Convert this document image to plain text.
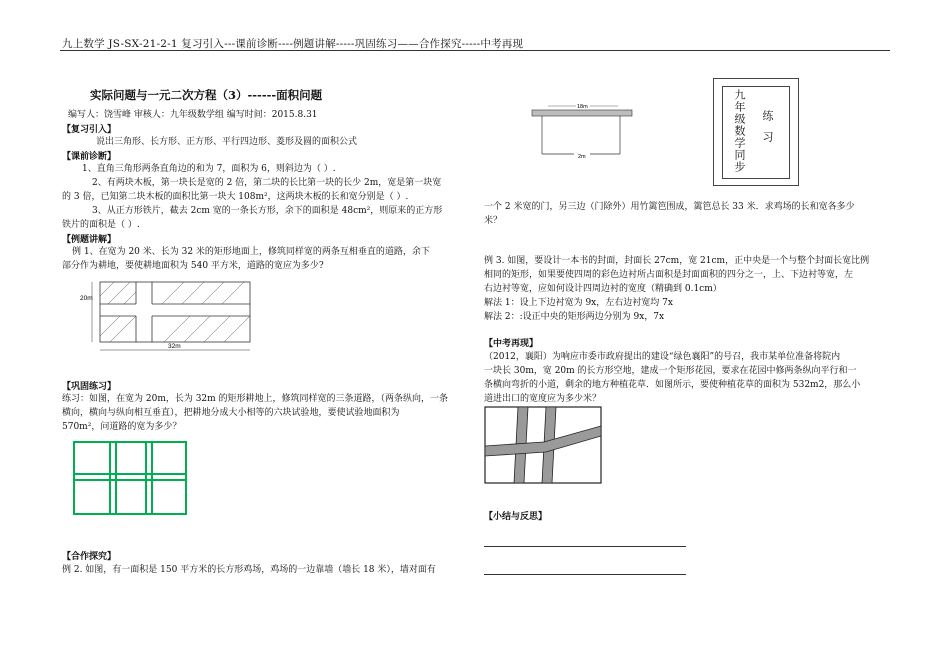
九上数学 JS-SX-21-2-1 复习引入---课前诊断----例题讲解-----巩固练习——合作探究-----中考再现
实际问题与一元二次方程（3）------面积问题
编写人：饶雪峰 审核人：九年级数学组 编写时间：2015.8.31
【复习引入】
说出三角形、长方形、正方形、平行四边形、菱形及圆的面积公式
【课前诊断】
1、直角三角形两条直角边的和为 7，面积为 6，则斜边为（ ）.
2、有两块木板，第一块长是宽的 2 倍，第二块的长比第一块的长少 2m，宽是第一块宽
的 3 倍，已知第二块木板的面积比第一块大 108m²，这两块木板的长和宽分别是（ ）.
3、从正方形铁片，截去 2cm 宽的一条长方形，余下的面积是 48cm²，则原来的正方形
铁片的面积是（ ）.
【例题讲解】
例 1、在宽为 20 米、长为 32 米的矩形地面上，修筑同样宽的两条互相垂直的道路，余下
部分作为耕地，要使耕地面积为 540 平方米，道路的宽应为多少?
20m
32m
【巩固练习】
练习：如图，在宽为 20m，长为 32m 的矩形耕地上，修筑同样宽的三条道路，（两条纵向，一条
横向，横向与纵向相互垂直），把耕地分成大小相等的六块试验地，要使试验地面积为
570m²，问道路的宽为多少？
【合作探究】
例 2. 如图，有一面积是 150 平方米的长方形鸡场，鸡场的一边靠墙（墙长 18 米），墙对面有
18m
2m	九年级数学同步 练习
一个 2 米宽的门，另三边（门除外）用竹篱笆围成，篱笆总长 33 米．求鸡场的长和宽各多少
米？
例 3. 如图，要设计一本书的封面，封面长 27cm，宽 21cm，正中央是一个与整个封面长宽比例
相同的矩形，如果要使四周的彩色边衬所占面积是封面面积的四分之一，上、下边衬等宽，左
右边衬等宽，应如何设计四周边衬的宽度（精确到 0.1cm）
解法 1：设上下边衬宽为 9x，左右边衬宽均 7x
解法 2：:设正中央的矩形两边分别为 9x，7x
【中考再现】
（2012，襄阳）为响应市委市政府提出的建设“绿色襄阳”的号召，我市某单位准备将院内
一块长 30m，宽 20m 的长方形空地，建成一个矩形花园，要求在花园中修两条纵向平行和一
条横向弯折的小道，剩余的地方种植花草．如图所示，要使种植花草的面积为 532m2，那么小
道进出口的宽度应为多少米？
【小结与反思】
